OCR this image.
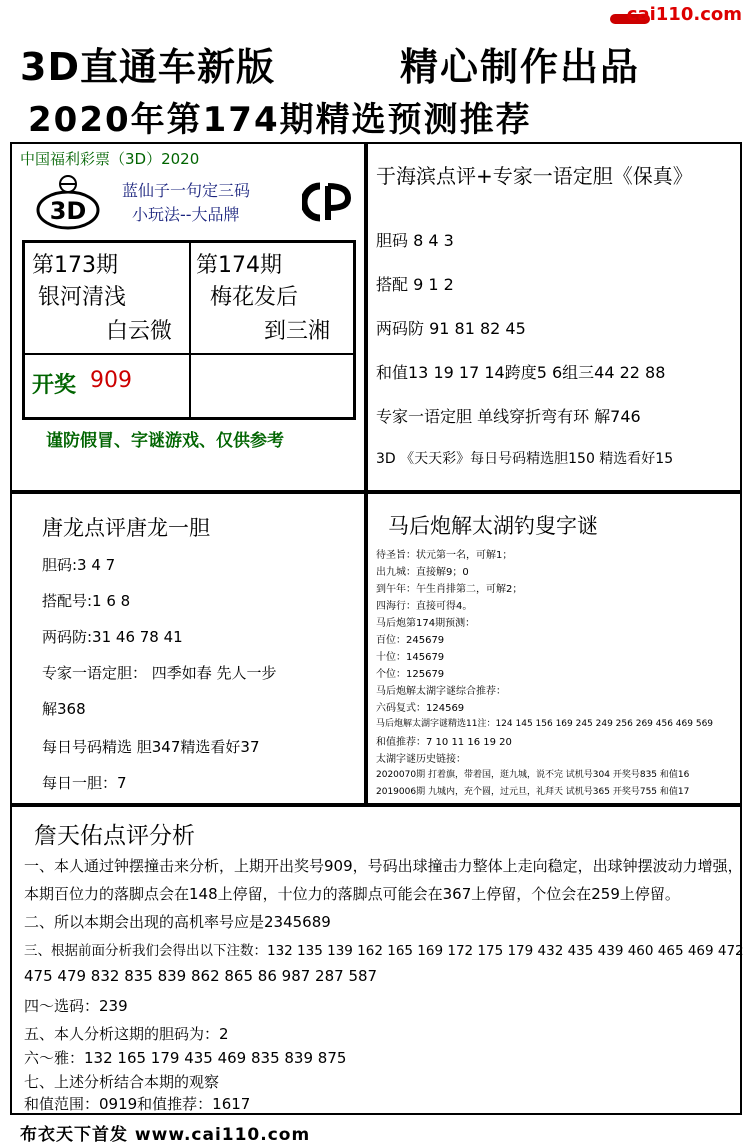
cai110.com
3D直通车新版	精心制作出品
2020年第174期精选预测推荐
中国福利彩票（3D）2020
3D
蓝仙子一句定三码
小玩法--大品牌
第173期
银河清浅
白云微
第174期
梅花发后
到三湘
开奖 909
谨防假冒、字谜游戏、仅供参考
于海滨点评+专家一语定胆《保真》
胆码 8 4 3
搭配 9 1 2
两码防 91 81 82 45
和值13 19 17 14跨度5 6组三44 22 88
专家一语定胆 单线穿折弯有环 解746
3D 《天天彩》每日号码精选胆150 精选看好15
唐龙点评唐龙一胆
胆码:3 4 7
搭配号:1 6 8
两码防:31 46 78 41
专家一语定胆： 四季如春 先人一步
解368
每日号码精选 胆347精选看好37
每日一胆：7
马后炮解太湖钓叟字谜
待圣旨：状元第一名，可解1；
出九城：直接解9；0
到午年：午生肖排第二，可解2；
四海行：直接可得4。
马后炮第174期预测：
百位：245679
十位：145679
个位：125679
马后炮解太湖字谜综合推荐：
六码复式：124569
马后炮解太湖字谜精选11注：124 145 156 169 245 249 256 269 456 469 569
和值推荐：7 10 11 16 19 20
太湖字谜历史链接：
2020070期 打着旗，带着国，逛九城，说不完 试机号304 开奖号835 和值16
2019006期 九城内，充个圆，过元旦，礼拜天 试机号365 开奖号755 和值17
詹天佑点评分析
一、本人通过钟摆撞击来分析，上期开出奖号909，号码出球撞击力整体上走向稳定，出球钟摆波动力增强，
本期百位力的落脚点会在148上停留，十位力的落脚点可能会在367上停留，个位会在259上停留。
二、所以本期会出现的高机率号应是2345689
三、根据前面分析我们会得出以下注数：132 135 139 162 165 169 172 175 179 432 435 439 460 465 469 472
475 479 832 835 839 862 865 86 987 287 587
四～选码：239
五、本人分析这期的胆码为：2
六～雅：132 165 179 435 469 835 839 875
七、上述分析结合本期的观察
和值范围：0919和值推荐：1617
布衣天下首发 www.cai110.com
